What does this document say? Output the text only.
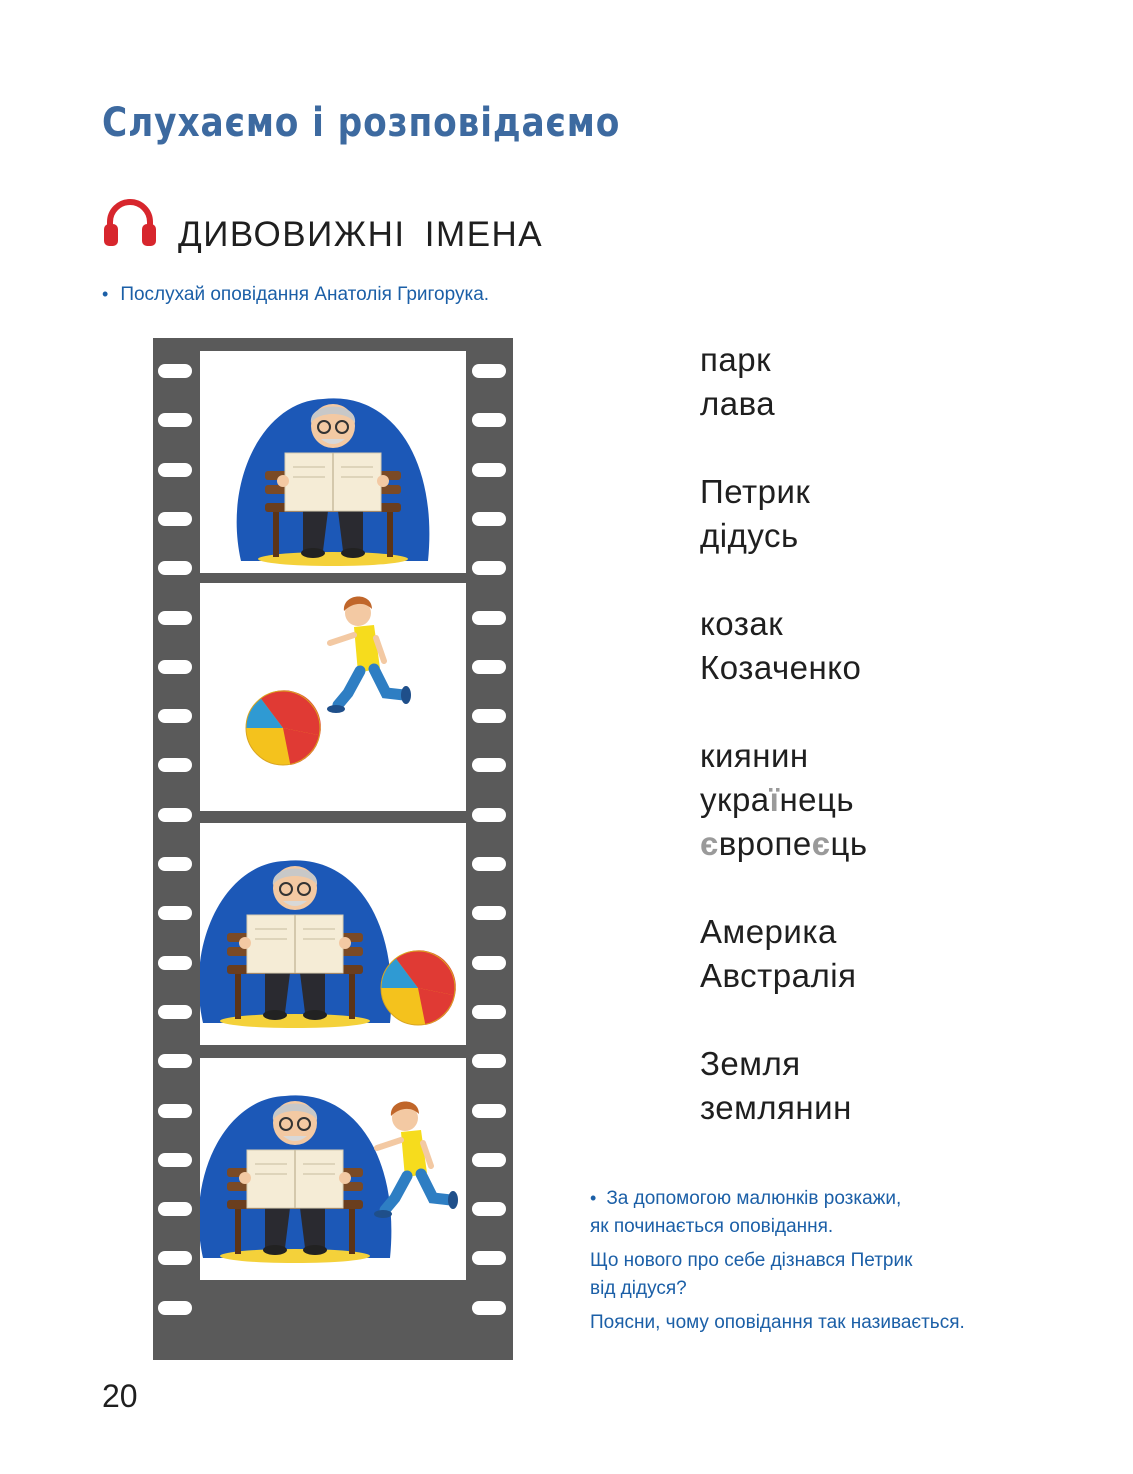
Слухаємо і розповідаємо
ДИВОВИЖНІ ІМЕНА
• Послухай оповідання Анатолія Григорука.
парк
лава
Петрик
дідусь
козак
Козаченко
киянин
українець
європеєць
Америка
Австралія
Земля
землянин

• За допомогою малюнків розкажи,
як починається оповідання.

Що нового про себе дізнався Петрик
від дідуся?

Поясни, чому оповідання так називається.

20
